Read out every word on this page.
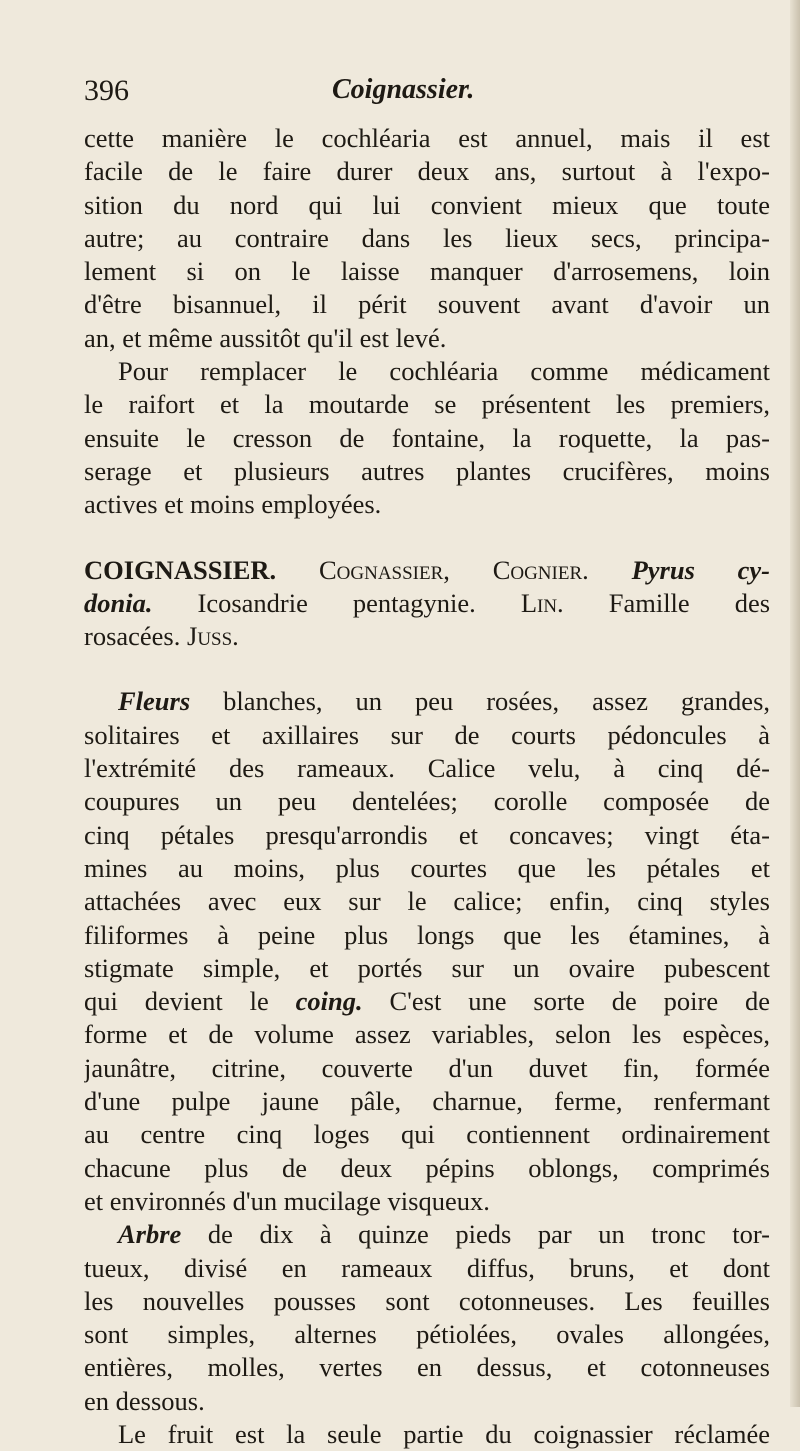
396	Coignassier.
cette manière le cochléaria est annuel, mais il est
facile de le faire durer deux ans, surtout à l'expo-
sition du nord qui lui convient mieux que toute
autre; au contraire dans les lieux secs, principa-
lement si on le laisse manquer d'arrosemens, loin
d'être bisannuel, il périt souvent avant d'avoir un
an, et même aussitôt qu'il est levé.
Pour remplacer le cochléaria comme médicament
le raifort et la moutarde se présentent les premiers,
ensuite le cresson de fontaine, la roquette, la pas-
serage et plusieurs autres plantes crucifères, moins
actives et moins employées.
COIGNASSIER. Cognassier, Cognier. Pyrus cy-
donia. Icosandrie pentagynie. Lin. Famille des
rosacées. Juss.
Fleurs blanches, un peu rosées, assez grandes,
solitaires et axillaires sur de courts pédoncules à
l'extrémité des rameaux. Calice velu, à cinq dé-
coupures un peu dentelées; corolle composée de
cinq pétales presqu'arrondis et concaves; vingt éta-
mines au moins, plus courtes que les pétales et
attachées avec eux sur le calice; enfin, cinq styles
filiformes à peine plus longs que les étamines, à
stigmate simple, et portés sur un ovaire pubescent
qui devient le coing. C'est une sorte de poire de
forme et de volume assez variables, selon les espèces,
jaunâtre, citrine, couverte d'un duvet fin, formée
d'une pulpe jaune pâle, charnue, ferme, renfermant
au centre cinq loges qui contiennent ordinairement
chacune plus de deux pépins oblongs, comprimés
et environnés d'un mucilage visqueux.
Arbre de dix à quinze pieds par un tronc tor-
tueux, divisé en rameaux diffus, bruns, et dont
les nouvelles pousses sont cotonneuses. Les feuilles
sont simples, alternes pétiolées, ovales allongées,
entières, molles, vertes en dessus, et cotonneuses
en dessous.
Le fruit est la seule partie du coignassier réclamée
